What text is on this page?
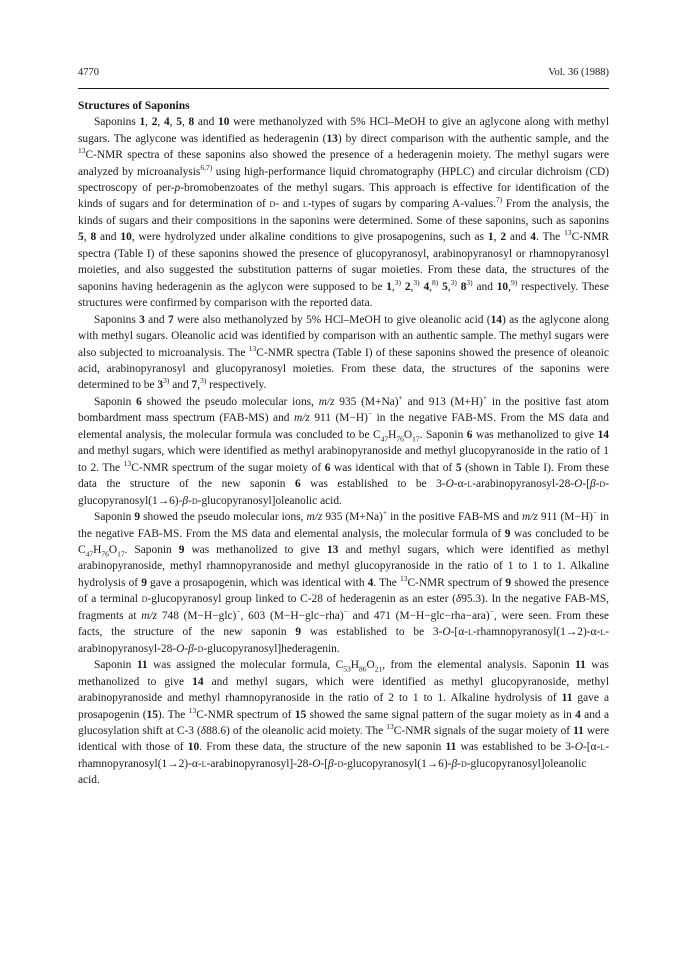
4770	Vol. 36 (1988)
Structures of Saponins

Saponins 1, 2, 4, 5, 8 and 10 were methanolyzed with 5% HCl–MeOH to give an aglycone along with methyl sugars. The aglycone was identified as hederagenin (13) by direct comparison with the authentic sample, and the $^{13}$C-NMR spectra of these saponins also showed the presence of a hederagenin moiety. The methyl sugars were analyzed by microanalysis$^{6,7)}$ using high-performance liquid chromatography (HPLC) and circular dichroism (CD) spectroscopy of per-p-bromobenzoates of the methyl sugars. This approach is effective for identification of the kinds of sugars and for determination of d- and l-types of sugars by comparing A-values.$^{7)}$ From the analysis, the kinds of sugars and their compositions in the saponins were determined. Some of these saponins, such as saponins 5, 8 and 10, were hydrolyzed under alkaline conditions to give prosapogenins, such as 1, 2 and 4. The $^{13}$C-NMR spectra (Table I) of these saponins showed the presence of glucopyranosyl, arabinopyranosyl or rhamnopyranosyl moieties, and also suggested the substitution patterns of sugar moieties. From these data, the structures of the saponins having hederagenin as the aglycon were supposed to be 1,$^{3)}$ 2,$^{3)}$ 4,$^{8)}$ 5,$^{3)}$ 8$^{3)}$ and 10,$^{9)}$ respectively. These structures were confirmed by comparison with the reported data.

Saponins 3 and 7 were also methanolyzed by 5% HCl–MeOH to give oleanolic acid (14) as the aglycone along with methyl sugars. Oleanolic acid was identified by comparison with an authentic sample. The methyl sugars were also subjected to microanalysis. The $^{13}$C-NMR spectra (Table I) of these saponins showed the presence of oleanoic acid, arabinopyranosyl and glucopyranosyl moieties. From these data, the structures of the saponins were determined to be 3$^{3)}$ and 7,$^{3)}$ respectively.

Saponin 6 showed the pseudo molecular ions, m/z 935 (M+Na)+ and 913 (M+H)+ in the positive fast atom bombardment mass spectrum (FAB-MS) and m/z 911 (M−H)− in the negative FAB-MS. From the MS data and elemental analysis, the molecular formula was concluded to be $C_{47}H_{76}O_{17}$. Saponin 6 was methanolized to give 14 and methyl sugars, which were identified as methyl arabinopyranoside and methyl glucopyranoside in the ratio of 1 to 2. The $^{13}$C-NMR spectrum of the sugar moiety of 6 was identical with that of 5 (shown in Table I). From these data the structure of the new saponin 6 was established to be 3-O-α-l-arabinopyranosyl-28-O-[β-d-glucopyranosyl(1→6)-β-d-glucopyranosyl]oleanolic acid.

Saponin 9 showed the pseudo molecular ions, m/z 935 (M+Na)+ in the positive FAB-MS and m/z 911 (M−H)− in the negative FAB-MS. From the MS data and elemental analysis, the molecular formula of 9 was concluded to be $C_{47}H_{76}O_{17}$. Saponin 9 was methanolized to give 13 and methyl sugars, which were identified as methyl arabinopyranoside, methyl rhamnopyranoside and methyl glucopyranoside in the ratio of 1 to 1 to 1. Alkaline hydrolysis of 9 gave a prosapogenin, which was identical with 4. The $^{13}$C-NMR spectrum of 9 showed the presence of a terminal d-glucopyranosyl group linked to C-28 of hederagenin as an ester (δ95.3). In the negative FAB-MS, fragments at m/z 748 (M−H−glc)−, 603 (M−H−glc−rha)− and 471 (M−H−glc−rha−ara)−, were seen. From these facts, the structure of the new saponin 9 was established to be 3-O-[α-l-rhamnopyranosyl(1→2)-α-l-arabinopyranosyl-28-O-β-d-glucopyranosyl]hederagenin.

Saponin 11 was assigned the molecular formula, $C_{53}H_{86}O_{21}$, from the elemental analysis. Saponin 11 was methanolized to give 14 and methyl sugars, which were identified as methyl glucopyranoside, methyl arabinopyranoside and methyl rhamnopyranoside in the ratio of 2 to 1 to 1. Alkaline hydrolysis of 11 gave a prosapogenin (15). The $^{13}$C-NMR spectrum of 15 showed the same signal pattern of the sugar moiety as in 4 and a glucosylation shift at C-3 (δ88.6) of the oleanolic acid moiety. The $^{13}$C-NMR signals of the sugar moiety of 11 were identical with those of 10. From these data, the structure of the new saponin 11 was established to be 3-O-[α-l-rhamnopyranosyl(1→2)-α-l-arabinopyranosyl]-28-O-[β-d-glucopyranosyl(1→6)-β-d-glucopyranosyl]oleanolic acid.
